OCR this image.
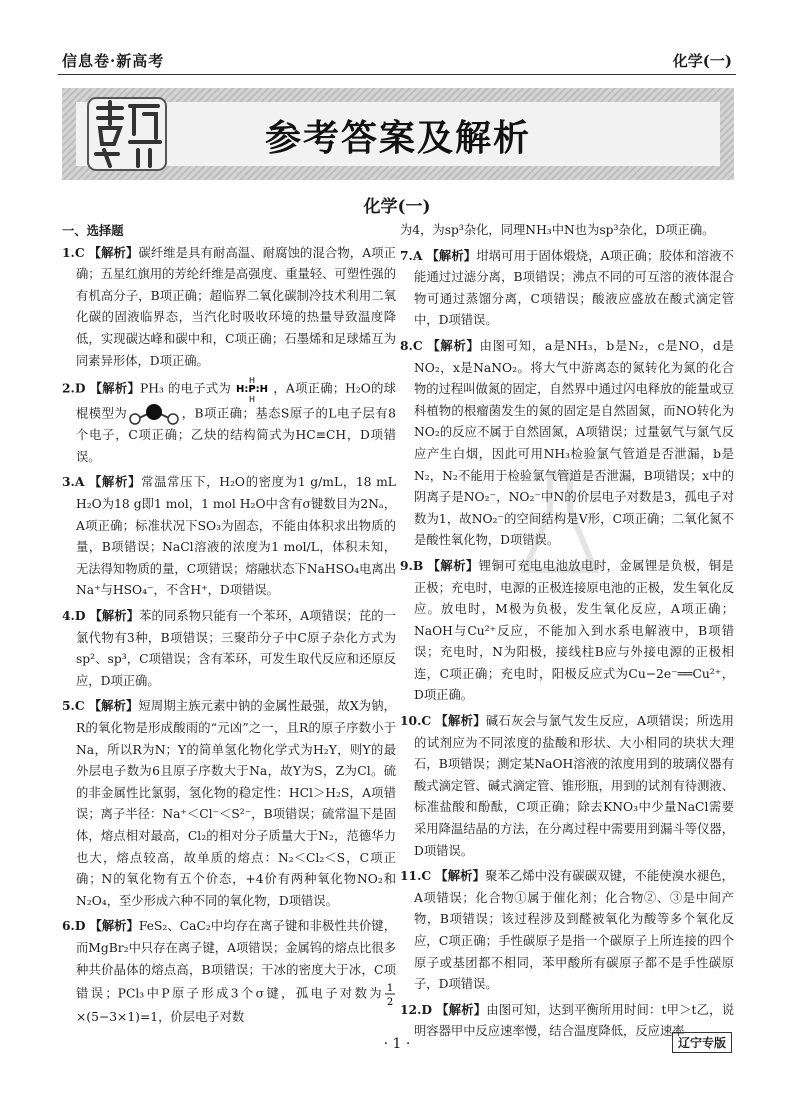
信息卷·新高考	化学(一)
参考答案及解析
化学(一)
一、选择题
1.C 【解析】碳纤维是具有耐高温、耐腐蚀的混合物，A项正确；五星红旗用的芳纶纤维是高强度、重量轻、可塑性强的有机高分子，B项正确；超临界二氧化碳制冷技术利用二氧化碳的固液临界态，当汽化时吸收环境的热量导致温度降低，实现碳达峰和碳中和，C项正确；石墨烯和足球烯互为同素异形体，D项正确。
2.D 【解析】PH₃ 的电子式为
H
H:P:H
H
，A项正确；H₂O的球棍模型为	，B项正确；基态S原子的L电子层有8个电子，C项正确；乙炔的结构简式为HC≡CH，D项错误。
3.A 【解析】常温常压下，H₂O的密度为1 g/mL，18 mL H₂O为18 g即1 mol，1 mol H₂O中含有σ键数目为2Nₐ，A项正确；标准状况下SO₃为固态，不能由体积求出物质的量，B项错误；NaCl溶液的浓度为1 mol/L，体积未知，无法得知物质的量，C项错误；熔融状态下NaHSO₄电离出Na⁺与HSO₄⁻，不含H⁺，D项错误。
4.D 【解析】苯的同系物只能有一个苯环，A项错误；芘的一氯代物有3种，B项错误；三聚茚分子中C原子杂化方式为sp²、sp³，C项错误；含有苯环，可发生取代反应和还原反应，D项正确。
5.C 【解析】短周期主族元素中钠的金属性最强，故X为钠，R的氧化物是形成酸雨的“元凶”之一，且R的原子序数小于Na，所以R为N；Y的简单氢化物化学式为H₂Y，则Y的最外层电子数为6且原子序数大于Na，故Y为S，Z为Cl。硫的非金属性比氯弱，氢化物的稳定性：HCl＞H₂S，A项错误；离子半径：Na⁺＜Cl⁻＜S²⁻，B项错误；硫常温下是固体，熔点相对最高，Cl₂的相对分子质量大于N₂，范德华力也大，熔点较高，故单质的熔点：N₂＜Cl₂＜S，C项正确；N的氧化物有五个价态，+4价有两种氧化物NO₂和N₂O₄，至少形成六种不同的氧化物，D项错误。
6.D 【解析】FeS₂、CaC₂中均存在离子键和非极性共价键，而MgBr₂中只存在离子键，A项错误；金属钨的熔点比很多种共价晶体的熔点高，B项错误；干冰的密度大于冰，C项错误；PCl₃中P原子形成3个σ键，孤电子对数为 1
2
×(5−3×1)=1，价层电子对数
为4，为sp³杂化，同理NH₃中N也为sp³杂化，D项正确。
7.A 【解析】坩埚可用于固体煅烧，A项正确；胶体和溶液不能通过过滤分离，B项错误；沸点不同的可互溶的液体混合物可通过蒸馏分离，C项错误；酸液应盛放在酸式滴定管中，D项错误。
8.C 【解析】由图可知，a是NH₃，b是N₂，c是NO，d是NO₂，x是NaNO₂。将大气中游离态的氮转化为氮的化合物的过程叫做氮的固定，自然界中通过闪电释放的能量或豆科植物的根瘤菌发生的氮的固定是自然固氮，而NO转化为NO₂的反应不属于自然固氮，A项错误；过量氨气与氯气反应产生白烟，因此可用NH₃检验氯气管道是否泄漏，b是N₂，N₂不能用于检验氯气管道是否泄漏，B项错误；x中的阴离子是NO₂⁻，NO₂⁻中N的价层电子对数是3，孤电子对数为1，故NO₂⁻的空间结构是V形，C项正确；二氧化氮不是酸性氧化物，D项错误。
9.B 【解析】锂铜可充电电池放电时，金属锂是负极，铜是正极；充电时，电源的正极连接原电池的正极，发生氧化反应。放电时，M极为负极，发生氧化反应，A项正确；NaOH与Cu²⁺反应，不能加入到水系电解液中，B项错误；充电时，N为阳极，接线柱B应与外接电源的正极相连，C项正确；充电时，阳极反应式为Cu−2e⁻══Cu²⁺，D项正确。
10.C 【解析】碱石灰会与氯气发生反应，A项错误；所选用的试剂应为不同浓度的盐酸和形状、大小相同的块状大理石，B项错误；测定某NaOH溶液的浓度用到的玻璃仪器有酸式滴定管、碱式滴定管、锥形瓶，用到的试剂有待测液、标准盐酸和酚酞，C项正确；除去KNO₃中少量NaCl需要采用降温结晶的方法，在分离过程中需要用到漏斗等仪器，D项错误。
11.C 【解析】聚苯乙烯中没有碳碳双键，不能使溴水褪色，A项错误；化合物①属于催化剂；化合物②、③是中间产物，B项错误；该过程涉及到醛被氧化为酸等多个氧化反应，C项正确；手性碳原子是指一个碳原子上所连接的四个原子或基团都不相同，苯甲酸所有碳原子都不是手性碳原子，D项错误。
12.D 【解析】由图可知，达到平衡所用时间：t甲＞t乙，说明容器甲中反应速率慢，结合温度降低，反应速率
· 1 ·	辽宁专版
